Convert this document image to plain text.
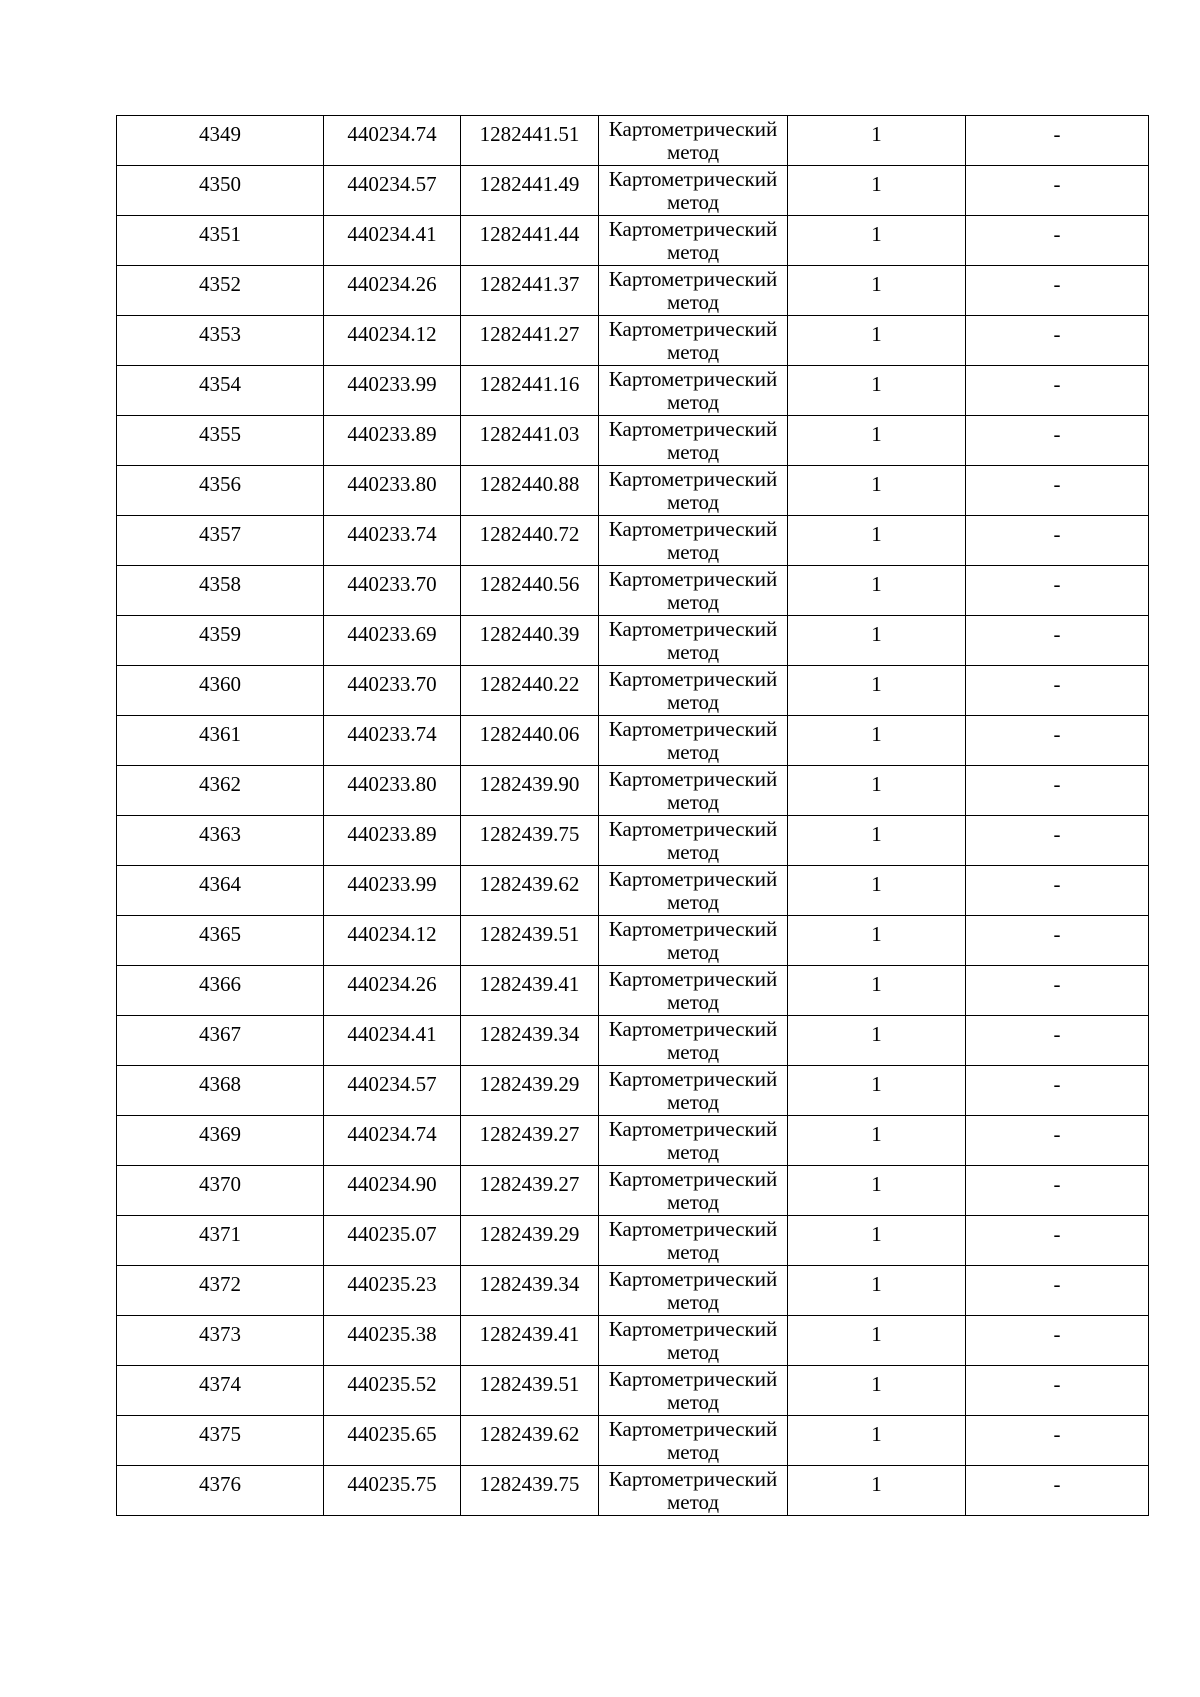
4349	440234.74	1282441.51	Картометрический
метод	1	-
4350	440234.57	1282441.49	Картометрический
метод	1	-
4351	440234.41	1282441.44	Картометрический
метод	1	-
4352	440234.26	1282441.37	Картометрический
метод	1	-
4353	440234.12	1282441.27	Картометрический
метод	1	-
4354	440233.99	1282441.16	Картометрический
метод	1	-
4355	440233.89	1282441.03	Картометрический
метод	1	-
4356	440233.80	1282440.88	Картометрический
метод	1	-
4357	440233.74	1282440.72	Картометрический
метод	1	-
4358	440233.70	1282440.56	Картометрический
метод	1	-
4359	440233.69	1282440.39	Картометрический
метод	1	-
4360	440233.70	1282440.22	Картометрический
метод	1	-
4361	440233.74	1282440.06	Картометрический
метод	1	-
4362	440233.80	1282439.90	Картометрический
метод	1	-
4363	440233.89	1282439.75	Картометрический
метод	1	-
4364	440233.99	1282439.62	Картометрический
метод	1	-
4365	440234.12	1282439.51	Картометрический
метод	1	-
4366	440234.26	1282439.41	Картометрический
метод	1	-
4367	440234.41	1282439.34	Картометрический
метод	1	-
4368	440234.57	1282439.29	Картометрический
метод	1	-
4369	440234.74	1282439.27	Картометрический
метод	1	-
4370	440234.90	1282439.27	Картометрический
метод	1	-
4371	440235.07	1282439.29	Картометрический
метод	1	-
4372	440235.23	1282439.34	Картометрический
метод	1	-
4373	440235.38	1282439.41	Картометрический
метод	1	-
4374	440235.52	1282439.51	Картометрический
метод	1	-
4375	440235.65	1282439.62	Картометрический
метод	1	-
4376	440235.75	1282439.75	Картометрический
метод	1	-
